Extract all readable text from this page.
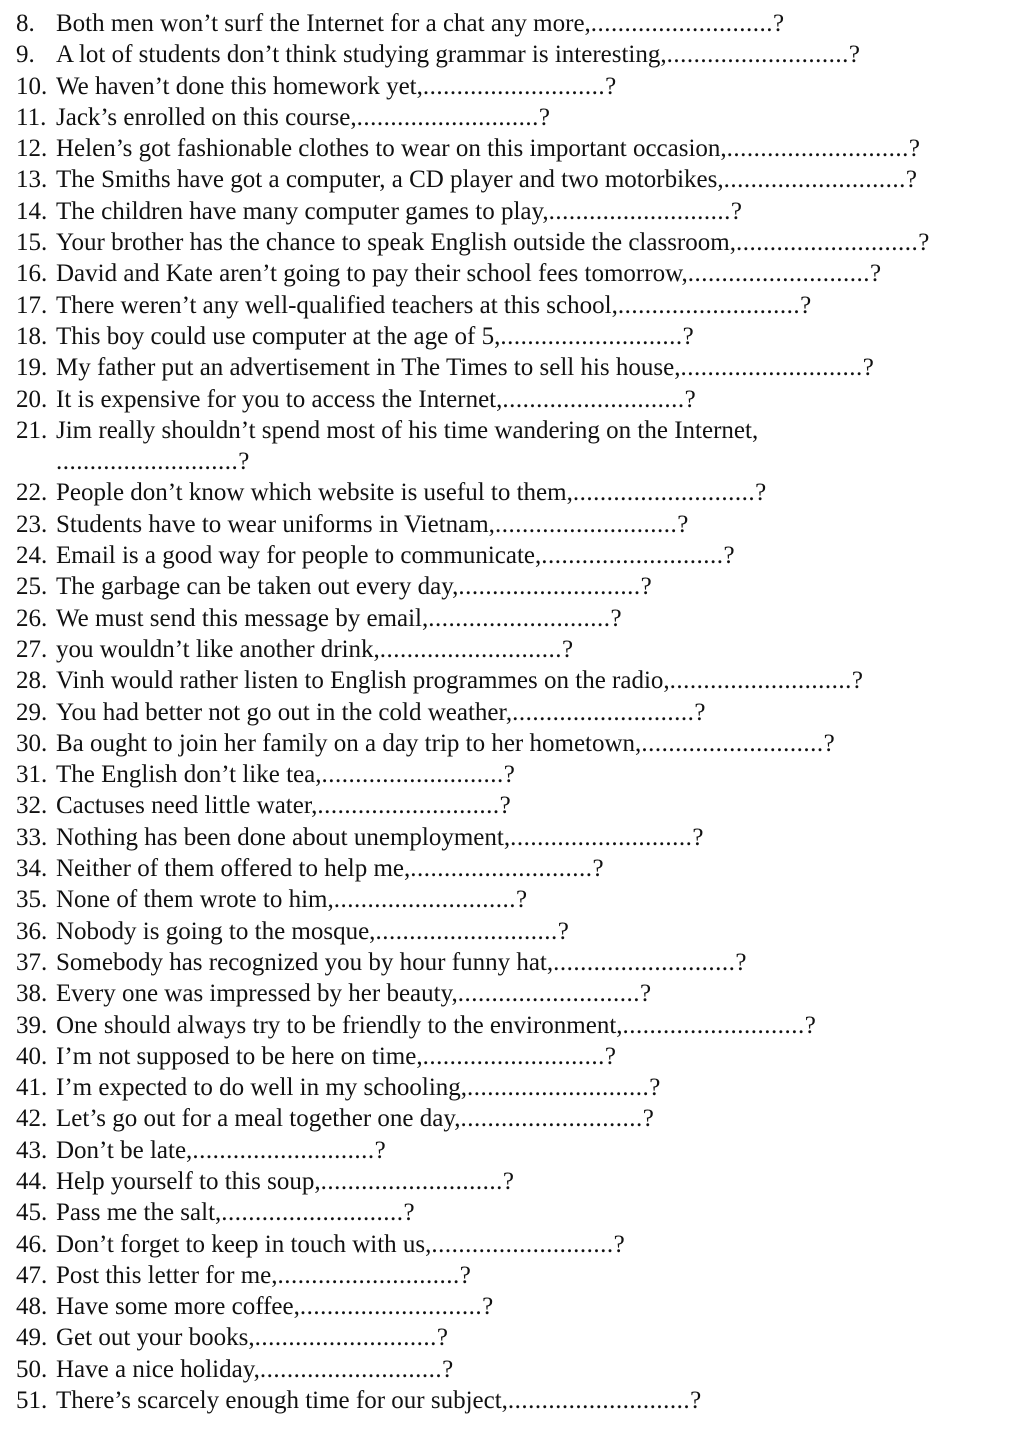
8. Both men won’t surf the Internet for a chat any more, ........................... ?
9. A lot of students don’t think studying grammar is interesting, ........................... ?
10. We haven’t done this homework yet, ........................... ?
11. Jack’s enrolled on this course, ........................... ?
12. Helen’s got fashionable clothes to wear on this important occasion, ........................... ?
13. The Smiths have got a computer, a CD player and two motorbikes, ........................... ?
14. The children have many computer games to play, ........................... ?
15. Your brother has the chance to speak English outside the classroom, ........................... ?
16. David and Kate aren’t going to pay their school fees tomorrow, ........................... ?
17. There weren’t any well-qualified teachers at this school, ........................... ?
18. This boy could use computer at the age of 5, ........................... ?
19. My father put an advertisement in The Times to sell his house, ........................... ?
20. It is expensive for you to access the Internet, ........................... ?
21. Jim really shouldn’t spend most of his time wandering on the Internet,
........................... ?
22. People don’t know which website is useful to them, ........................... ?
23. Students have to wear uniforms in Vietnam, ........................... ?
24. Email is a good way for people to communicate, ........................... ?
25. The garbage can be taken out every day, ........................... ?
26. We must send this message by email, ........................... ?
27. you wouldn’t like another drink, ........................... ?
28. Vinh would rather listen to English programmes on the radio, ........................... ?
29. You had better not go out in the cold weather, ........................... ?
30. Ba ought to join her family on a day trip to her hometown, ........................... ?
31. The English don’t like tea, ........................... ?
32. Cactuses need little water, ........................... ?
33. Nothing has been done about unemployment, ........................... ?
34. Neither of them offered to help me, ........................... ?
35. None of them wrote to him, ........................... ?
36. Nobody is going to the mosque, ........................... ?
37. Somebody has recognized you by hour funny hat, ........................... ?
38. Every one was impressed by her beauty, ........................... ?
39. One should always try to be friendly to the environment, ........................... ?
40. I’m not supposed to be here on time, ........................... ?
41. I’m expected to do well in my schooling, ........................... ?
42. Let’s go out for a meal together one day, ........................... ?
43. Don’t be late, ........................... ?
44. Help yourself to this soup, ........................... ?
45. Pass me the salt, ........................... ?
46. Don’t forget to keep in touch with us, ........................... ?
47. Post this letter for me, ........................... ?
48. Have some more coffee, ........................... ?
49. Get out your books, ........................... ?
50. Have a nice holiday, ........................... ?
51. There’s scarcely enough time for our subject, ........................... ?
